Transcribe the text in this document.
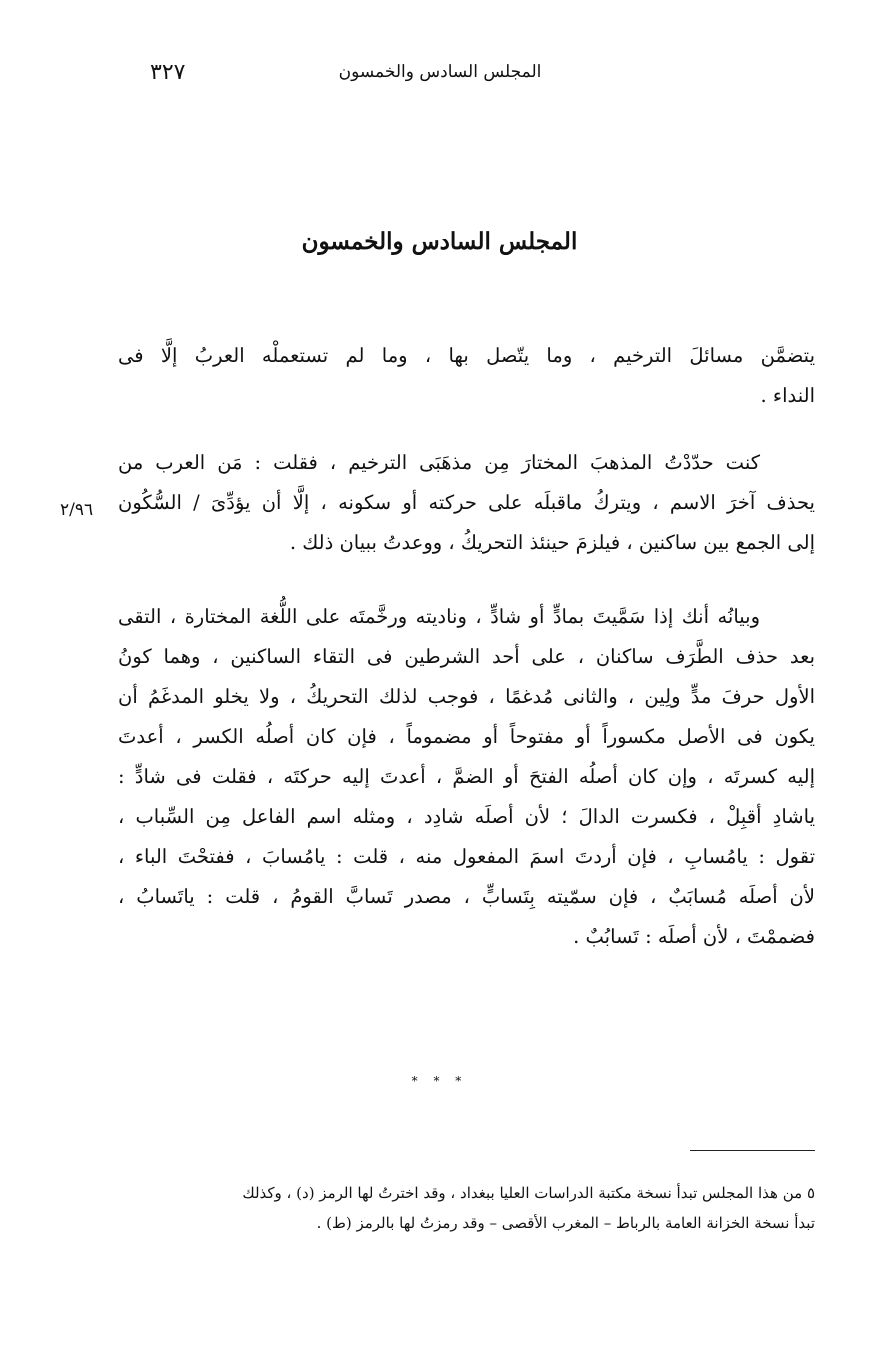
المجلس السادس والخمسون
٣٢٧
المجلس السادس والخمسون
يتضمَّن مسائلَ الترخيم ، وما يتّصل بها ، وما لم تستعملْه العربُ إلَّا فى
النداء .
كنت حدّدْتُ المذهبَ المختارَ مِن مذهَبَى الترخيم ، فقلت : مَن العرب من
يحذف آخرَ الاسم ، ويتركُ ماقبلَه على حركته أو سكونه ، إلَّا أن يؤدِّىَ / السُّكُون
إلى الجمع بين ساكنين ، فيلزمَ حينئذ التحريكُ ، ووعدتُ ببيان ذلك .
٢/٩٦
وبيانُه أنك إذا سَمَّيتَ بمادٍّ أو شادٍّ ، وناديته ورخَّمتَه على اللُّغة المختارة ، التقى
بعد حذف الطَّرَف ساكنان ، على أحد الشرطين فى التقاء الساكنين ، وهما كونُ
الأول حرفَ مدٍّ ولِين ، والثانى مُدغمًا ، فوجب لذلك التحريكُ ، ولا يخلو المدغَمُ أن
يكون فى الأصل مكسوراً أو مفتوحاً أو مضموماً ، فإن كان أصلُه الكسر ، أعدتَ
إليه كسرتَه ، وإن كان أصلُه الفتحَ أو الضمَّ ، أعدتَ إليه حركتَه ، فقلت فى شادٍّ :
ياشادِ أقبِلْ ، فكسرت الدالَ ؛ لأن أصلَه شادِد ، ومثله اسم الفاعل مِن السِّباب ،
تقول : يامُسابِ ، فإن أردتَ اسمَ المفعول منه ، قلت : يامُسابَ ، ففتحْتَ الباء ،
لأن أصلَه مُسابَبٌ ، فإن سمّيته بِتَسابٍّ ، مصدر تَسابَّ القومُ ، قلت : ياتَسابُ ،
فضممْتَ ، لأن أصلَه : تَسابُبٌ .
* * *
٥ من هذا المجلس تبدأ نسخة مكتبة الدراسات العليا ببغداد ، وقد اخترتُ لها الرمز (د) ، وكذلك
تبدأ نسخة الخزانة العامة بالرباط – المغرب الأقصى – وقد رمزتُ لها بالرمز (ط) .
